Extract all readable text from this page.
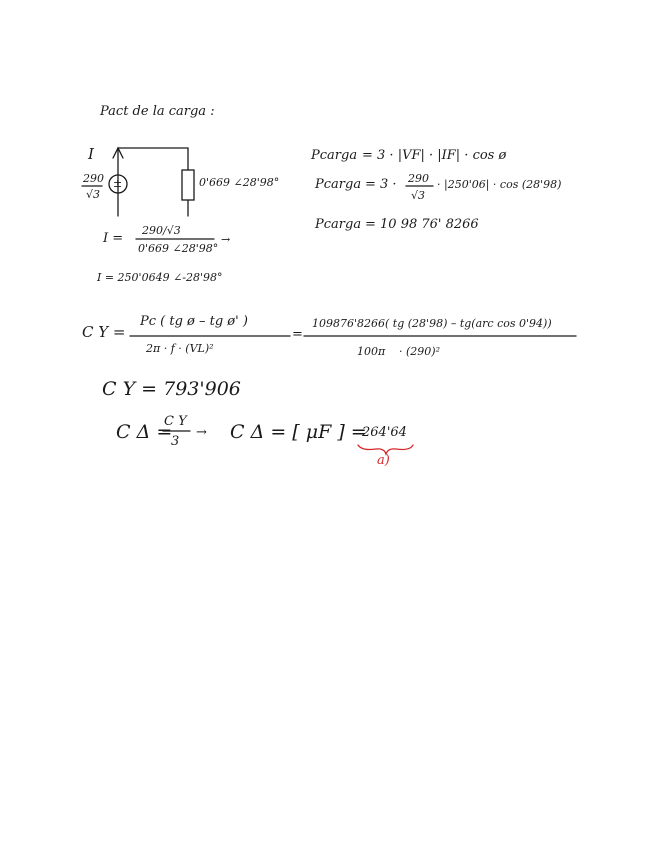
Pact de la carga :
I
290
√3
±	0'669 ∠28'98°
I =
290/√3
0'669 ∠28'98°
→
I = 250'0649 ∠-28'98°
Pcarga = 3 · |VF| · |IF| · cos ø
Pcarga = 3 · 290
√3
· |250'06| · cos (28'98)
Pcarga = 10 98 76' 8266
C Y =
Pc ( tg ø – tg ø' )
2π · f · (VL)²
=
109876'8266( tg (28'98) – tg(arc cos 0'94))
100π · (290)²
C Y = 793'906
C Δ =
C Y
3
→ C Δ = [ μF ] =
264'64
a)
